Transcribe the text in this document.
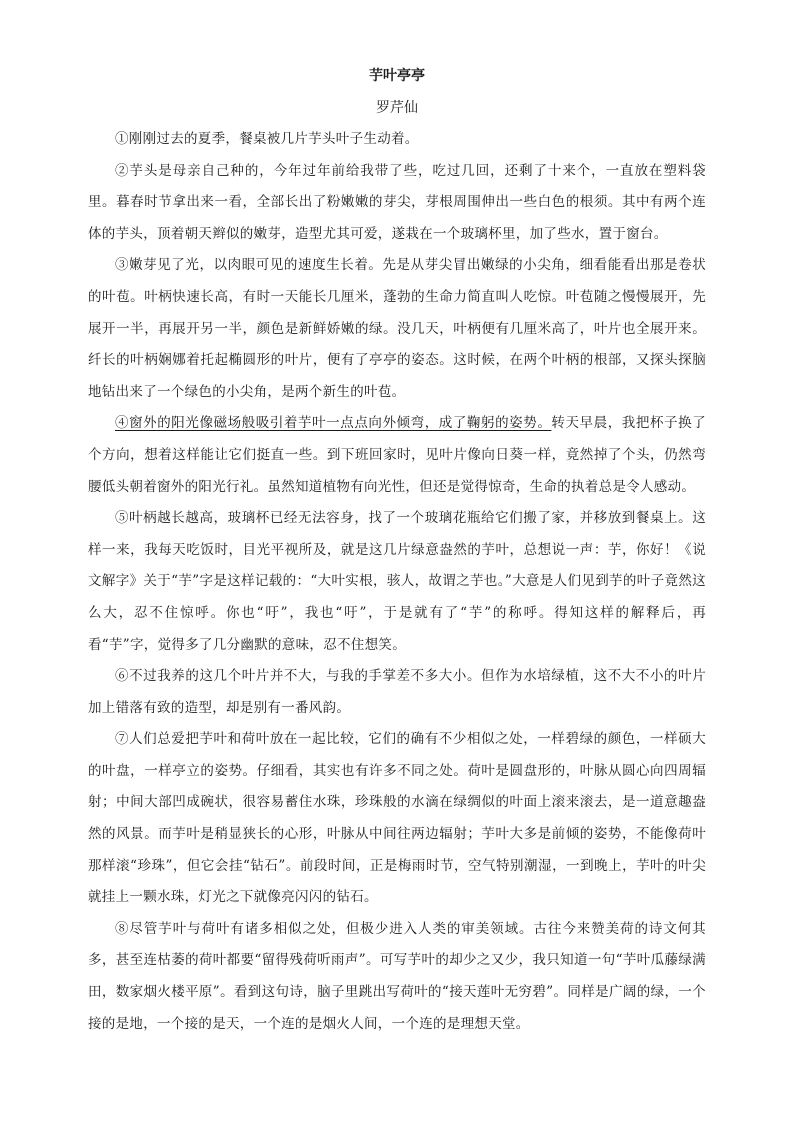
芋叶亭亭
罗芹仙

①刚刚过去的夏季，餐桌被几片芋头叶子生动着。

②芋头是母亲自己种的，今年过年前给我带了些，吃过几回，还剩了十来个，一直放在塑料袋里。暮春时节拿出来一看，全部长出了粉嫩嫩的芽尖，芽根周围伸出一些白色的根须。其中有两个连体的芋头，顶着朝天辫似的嫩芽，造型尤其可爱，遂栽在一个玻璃杯里，加了些水，置于窗台。

③嫩芽见了光，以肉眼可见的速度生长着。先是从芽尖冒出嫩绿的小尖角，细看能看出那是卷状的叶苞。叶柄快速长高，有时一天能长几厘米，蓬勃的生命力简直叫人吃惊。叶苞随之慢慢展开，先展开一半，再展开另一半，颜色是新鲜娇嫩的绿。没几天，叶柄便有几厘米高了，叶片也全展开来。纤长的叶柄娴娜着托起椭圆形的叶片，便有了亭亭的姿态。这时候，在两个叶柄的根部，又探头探脑地钻出来了一个绿色的小尖角，是两个新生的叶苞。

④窗外的阳光像磁场般吸引着芋叶一点点向外倾弯，成了鞠躬的姿势。转天早晨，我把杯子换了个方向，想着这样能让它们挺直一些。到下班回家时，见叶片像向日葵一样，竟然掉了个头，仍然弯腰低头朝着窗外的阳光行礼。虽然知道植物有向光性，但还是觉得惊奇，生命的执着总是令人感动。

⑤叶柄越长越高，玻璃杯已经无法容身，找了一个玻璃花瓶给它们搬了家，并移放到餐桌上。这样一来，我每天吃饭时，目光平视所及，就是这几片绿意盎然的芋叶，总想说一声：芋，你好！《说文解字》关于“芋”字是这样记载的：“大叶实根，骇人，故谓之芋也。”大意是人们见到芋的叶子竟然这么大，忍不住惊呼。你也“吁”，我也“吁”，于是就有了“芋”的称呼。得知这样的解释后，再看“芋”字，觉得多了几分幽默的意味，忍不住想笑。

⑥不过我养的这几个叶片并不大，与我的手掌差不多大小。但作为水培绿植，这不大不小的叶片加上错落有致的造型，却是别有一番风韵。

⑦人们总爱把芋叶和荷叶放在一起比较，它们的确有不少相似之处，一样碧绿的颜色，一样硕大的叶盘，一样亭立的姿势。仔细看，其实也有许多不同之处。荷叶是圆盘形的，叶脉从圆心向四周辐射；中间大部凹成碗状，很容易蓄住水珠，珍珠般的水滴在绿绸似的叶面上滚来滚去，是一道意趣盎然的风景。而芋叶是稍显狭长的心形，叶脉从中间往两边辐射；芋叶大多是前倾的姿势，不能像荷叶那样滚“珍珠”，但它会挂“钻石”。前段时间，正是梅雨时节，空气特别潮湿，一到晚上，芋叶的叶尖就挂上一颗水珠，灯光之下就像亮闪闪的钻石。

⑧尽管芋叶与荷叶有诸多相似之处，但极少进入人类的审美领域。古往今来赞美荷的诗文何其多，甚至连枯萎的荷叶都要“留得残荷听雨声”。可写芋叶的却少之又少，我只知道一句“芋叶瓜藤绿满田，数家烟火楼平原”。看到这句诗，脑子里跳出写荷叶的“接天莲叶无穷碧”。同样是广阔的绿，一个接的是地，一个接的是天，一个连的是烟火人间，一个连的是理想天堂。
